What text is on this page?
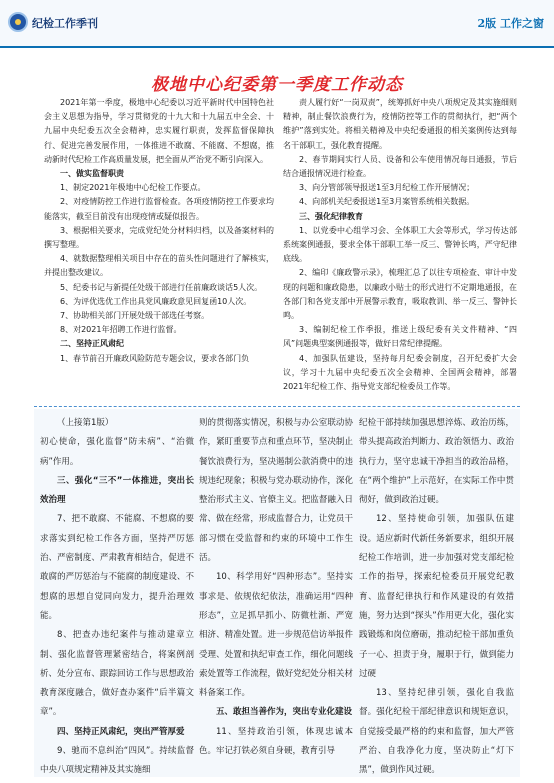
纪检工作季刊	2版 工作之窗
极地中心纪委第一季度工作动态

2021年第一季度，极地中心纪委以习近平新时代中国特色社会主义思想为指导，学习贯彻党的十九大和十九届五中全会、十九届中央纪委五次全会精神，忠实履行职责，发挥监督保障执行、促进完善发展作用，一体推进不敢腐、不能腐、不想腐，推动新时代纪检工作高质量发展，把全面从严治党不断引向深入。

一、做实监督职责

1、制定2021年极地中心纪检工作要点。

2、对疫情防控工作进行监督检查。各项疫情防控工作要求均能落实，截至目前没有出现疫情或疑似报告。

3、根据相关要求，完成党纪处分材料归档，以及备案材料的撰写整理。

4、就数据整理相关项目中存在的苗头性问题进行了解核实，并提出整改建议。

5、纪委书记与新提任处级干部进行任前廉政谈话5人次。

6、为评优选优工作出具党风廉政意见回复函10人次。

7、协助相关部门开展处级干部选任考察。

8、对2021年招聘工作进行监督。

二、坚持正风肃纪

1、春节前召开廉政风险防范专题会议，要求各部门负

责人履行好“一岗双责”，统筹抓好中央八项规定及其实施细则精神，制止餐饮浪费行为，疫情防控等工作的贯彻执行，把“两个维护”落到实处。将相关精神及中央纪委通报的相关案例传达到每名干部职工，强化教育提醒。

2、春节期间实行人员、设备和公车使用情况每日通报，节后结合通报情况进行检查。

3、向分管部领导报送1至3月纪检工作开展情况；

4、向部机关纪委报送1至3月案管系统相关数据。

三、强化纪律教育

1、以党委中心组学习会、全体职工大会等形式，学习传达部系统案例通报，要求全体干部职工举一反三、警钟长鸣，严守纪律底线。

2、编印《廉政警示录》，梳理汇总了以往专项检查、审计中发现的问题和廉政隐患，以廉政小贴士的形式进行不定期地通报，在各部门和各党支部中开展警示教育，吸取教训、举一反三、警钟长鸣。

3、编制纪检工作季报，推送上级纪委有关文件精神、“四风”问题典型案例通报等，做好日常纪律提醒。

4、加强队伍建设，坚持每月纪委会制度，召开纪委扩大会议，学习十九届中央纪委五次全会精神、全国两会精神，部署2021年纪检工作、指导党支部纪检委员工作等。

（上接第1版）

初心使命，强化监督“防未病”、“治微病”作用。

三、强化“三不”一体推进，突出长效治理

7、把不敢腐、不能腐、不想腐的要求落实到纪检工作各方面，坚持严厉惩治、严密制度、严肃教育相结合，促进不敢腐的严厉惩治与不能腐的制度建设、不想腐的思想自觉同向发力，提升治理效能。

8、把查办违纪案件与推动建章立制、强化监督管理紧密结合，将案例剖析、处分宣布、跟踪回访工作与思想政治教育深度融合，做好查办案件“后半篇文章”。

四、坚持正风肃纪，突出严管厚爱

9、驰而不息纠治“四风”。持续监督中央八项规定精神及其实施细

则的贯彻落实情况，积极与办公室联动协作，紧盯重要节点和重点环节，坚决制止餐饮浪费行为，坚决遏制公款消费中的违规违纪现象；积极与党办联动协作，深化整治形式主义、官僚主义。把监督融入日常、做在经常，形成监督合力，让党员干部习惯在受监督和约束的环境中工作生活。

10、科学用好“四种形态”。坚持实事求是、依规依纪依法，准确运用“四种形态”，立足抓早抓小、防微杜渐、严宽相济、精准处置。进一步规范信访举报件受理、处置和执纪审查工作，细化问题线索处置等工作流程，做好党纪处分相关材料备案工作。

五、敢担当善作为，突出专业化建设

11、坚持政治引领，体现忠诚本色。牢记打铁必须自身硬，教育引导

纪检干部持续加强思想淬炼、政治历练，带头提高政治判断力、政治领悟力、政治执行力，坚守忠诚干净担当的政治品格，在“两个维护”上示范好，在实际工作中贯彻好，做到政治过硬。

12、坚持使命引领，加强队伍建设。适应新时代新任务新要求，组织开展纪检工作培训，进一步加强对党支部纪检工作的指导，探索纪检委员开展党纪教育、监督纪律执行和作风建设的有效措施，努力达到“探头”作用更大化，强化实践锻炼和岗位磨砺，推动纪检干部加重负子一心、担责于身，履职于行，做到能力过硬

13、坚持纪律引领，强化自我监督。强化纪检干部纪律意识和规矩意识，自觉接受最严格的约束和监督，加大严管严治、自我净化力度，坚决防止“灯下黑”，做到作风过硬。
